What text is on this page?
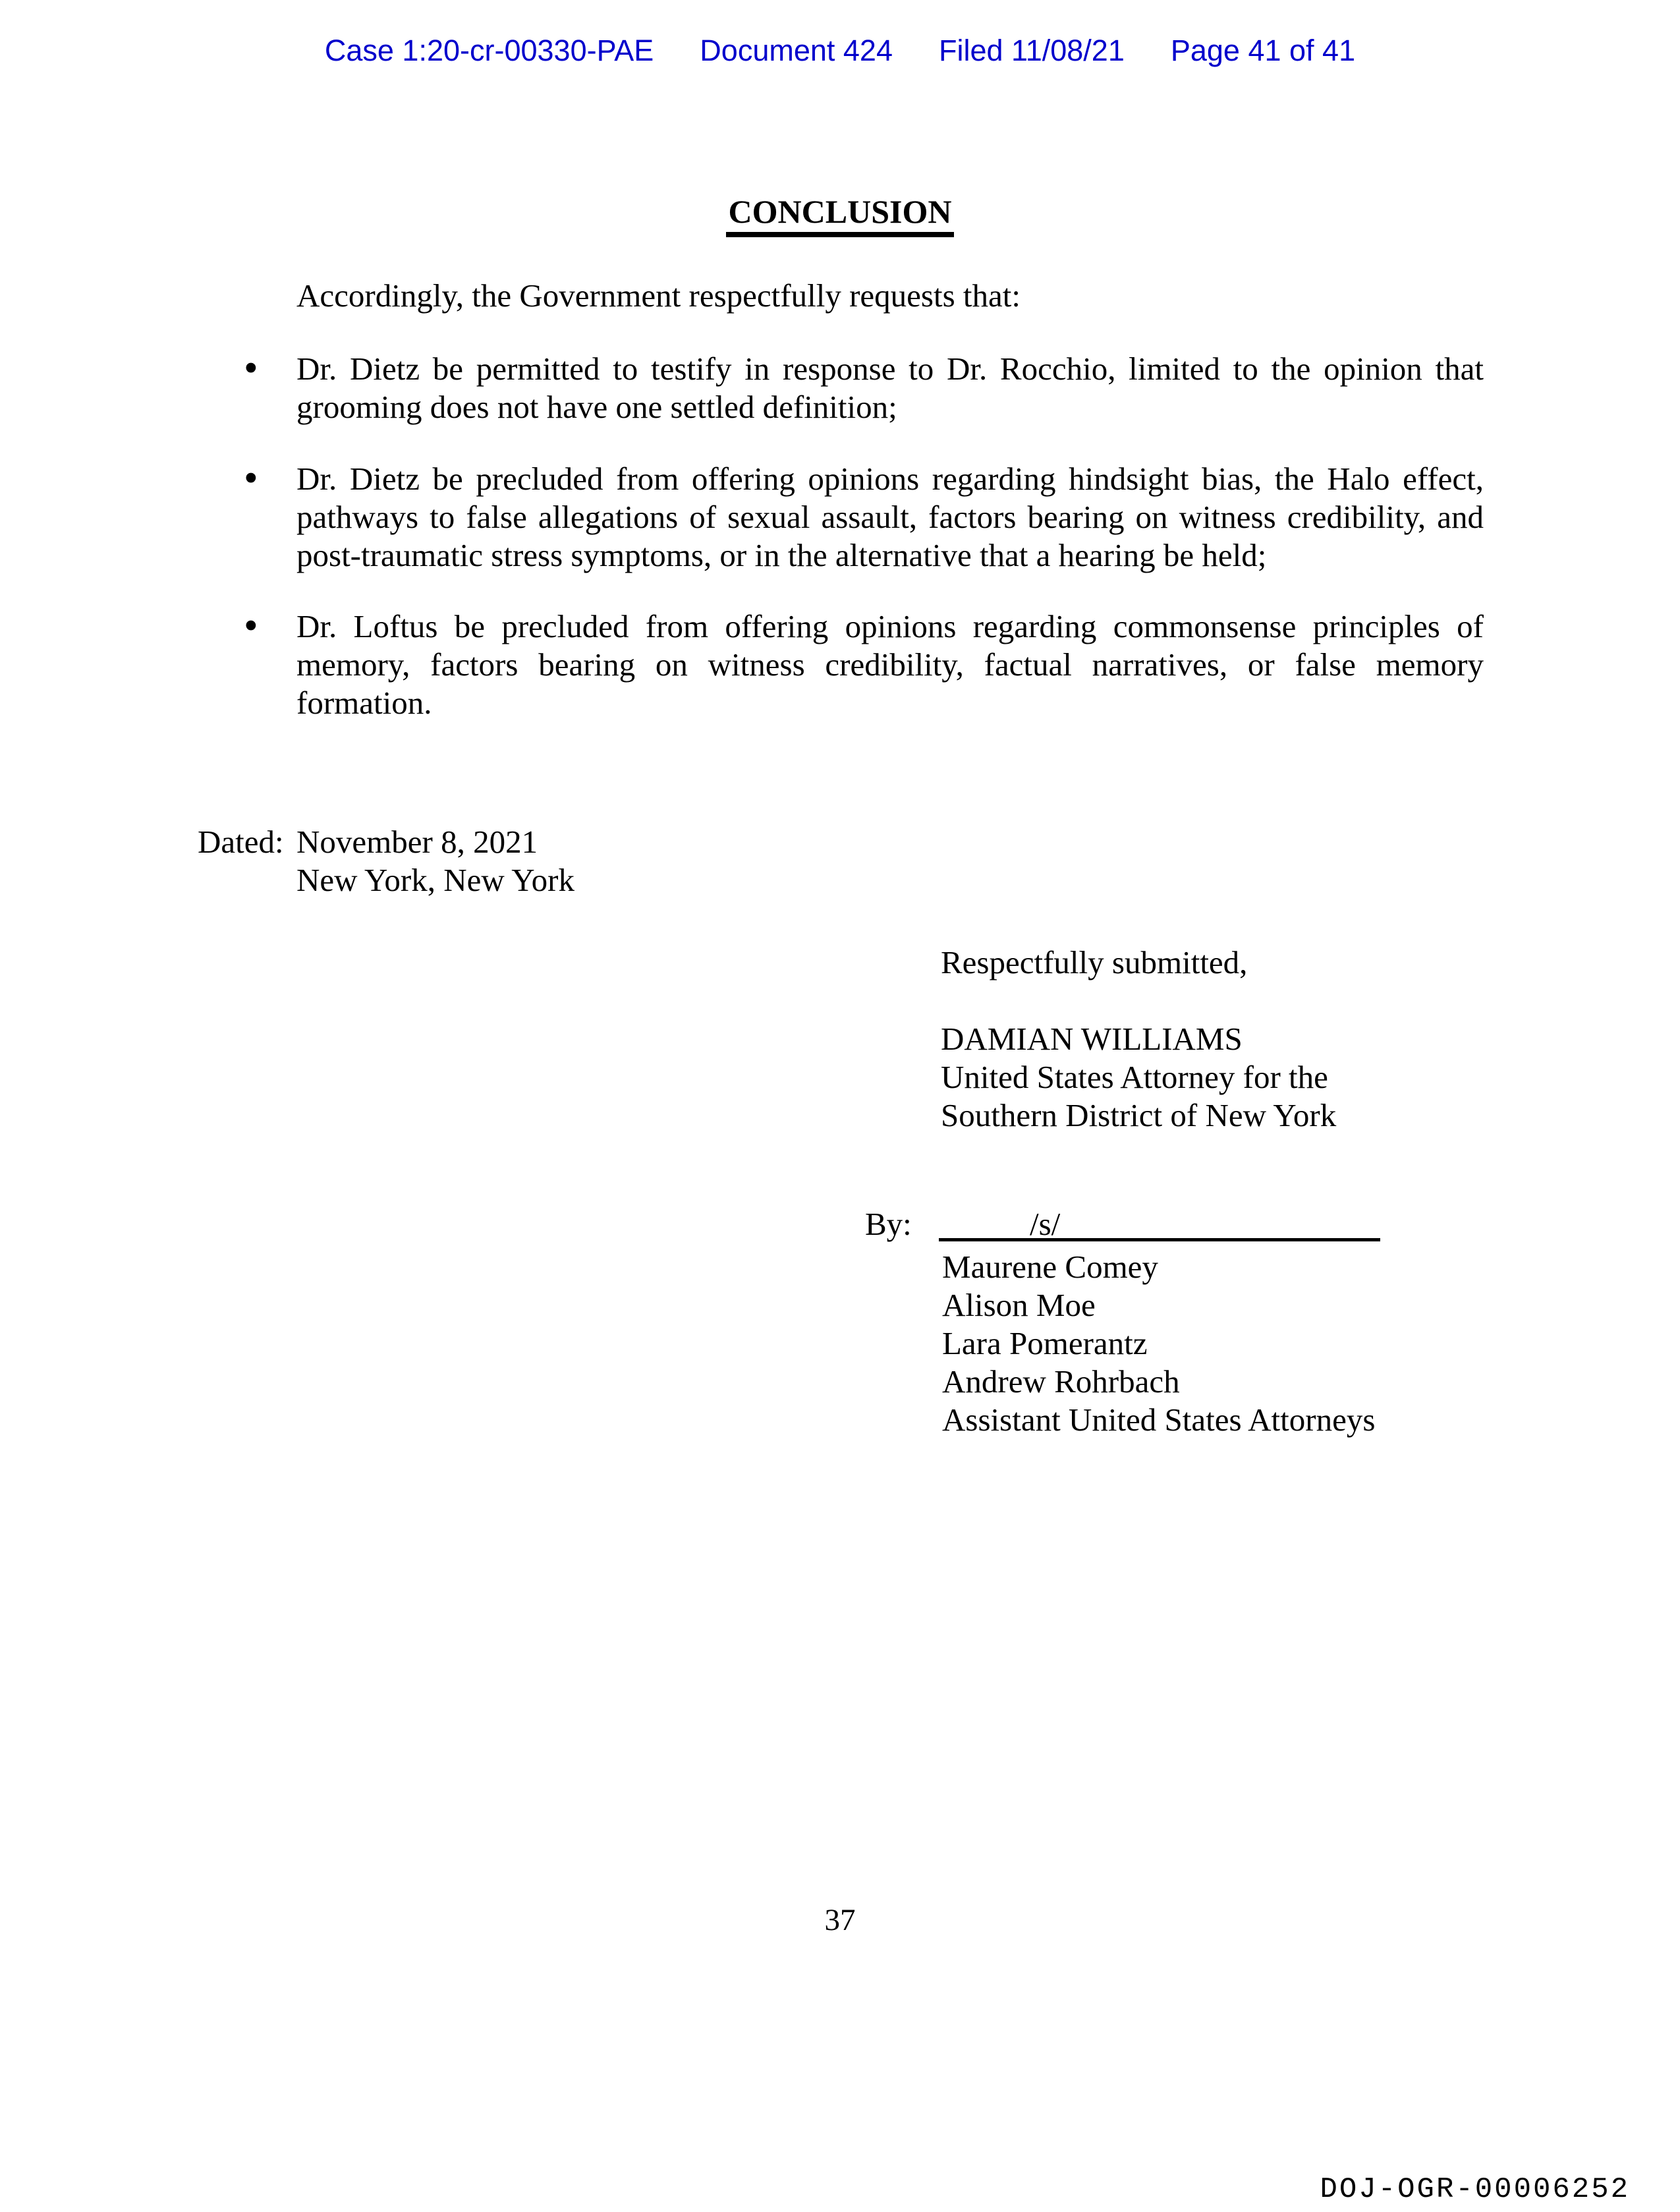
Case 1:20-cr-00330-PAE Document 424 Filed 11/08/21 Page 41 of 41
CONCLUSION
Accordingly, the Government respectfully requests that:
• Dr. Dietz be permitted to testify in response to Dr. Rocchio, limited to the opinion that
grooming does not have one settled definition;
• Dr. Dietz be precluded from offering opinions regarding hindsight bias, the Halo effect,
pathways to false allegations of sexual assault, factors bearing on witness credibility, and
post-traumatic stress symptoms, or in the alternative that a hearing be held;
• Dr. Loftus be precluded from offering opinions regarding commonsense principles of
memory, factors bearing on witness credibility, factual narratives, or false memory
formation.
Dated: November 8, 2021
New York, New York
Respectfully submitted,
DAMIAN WILLIAMS
United States Attorney for the
Southern District of New York
By:	/s/
Maurene Comey
Alison Moe
Lara Pomerantz
Andrew Rohrbach
Assistant United States Attorneys
37
DOJ-OGR-00006252
